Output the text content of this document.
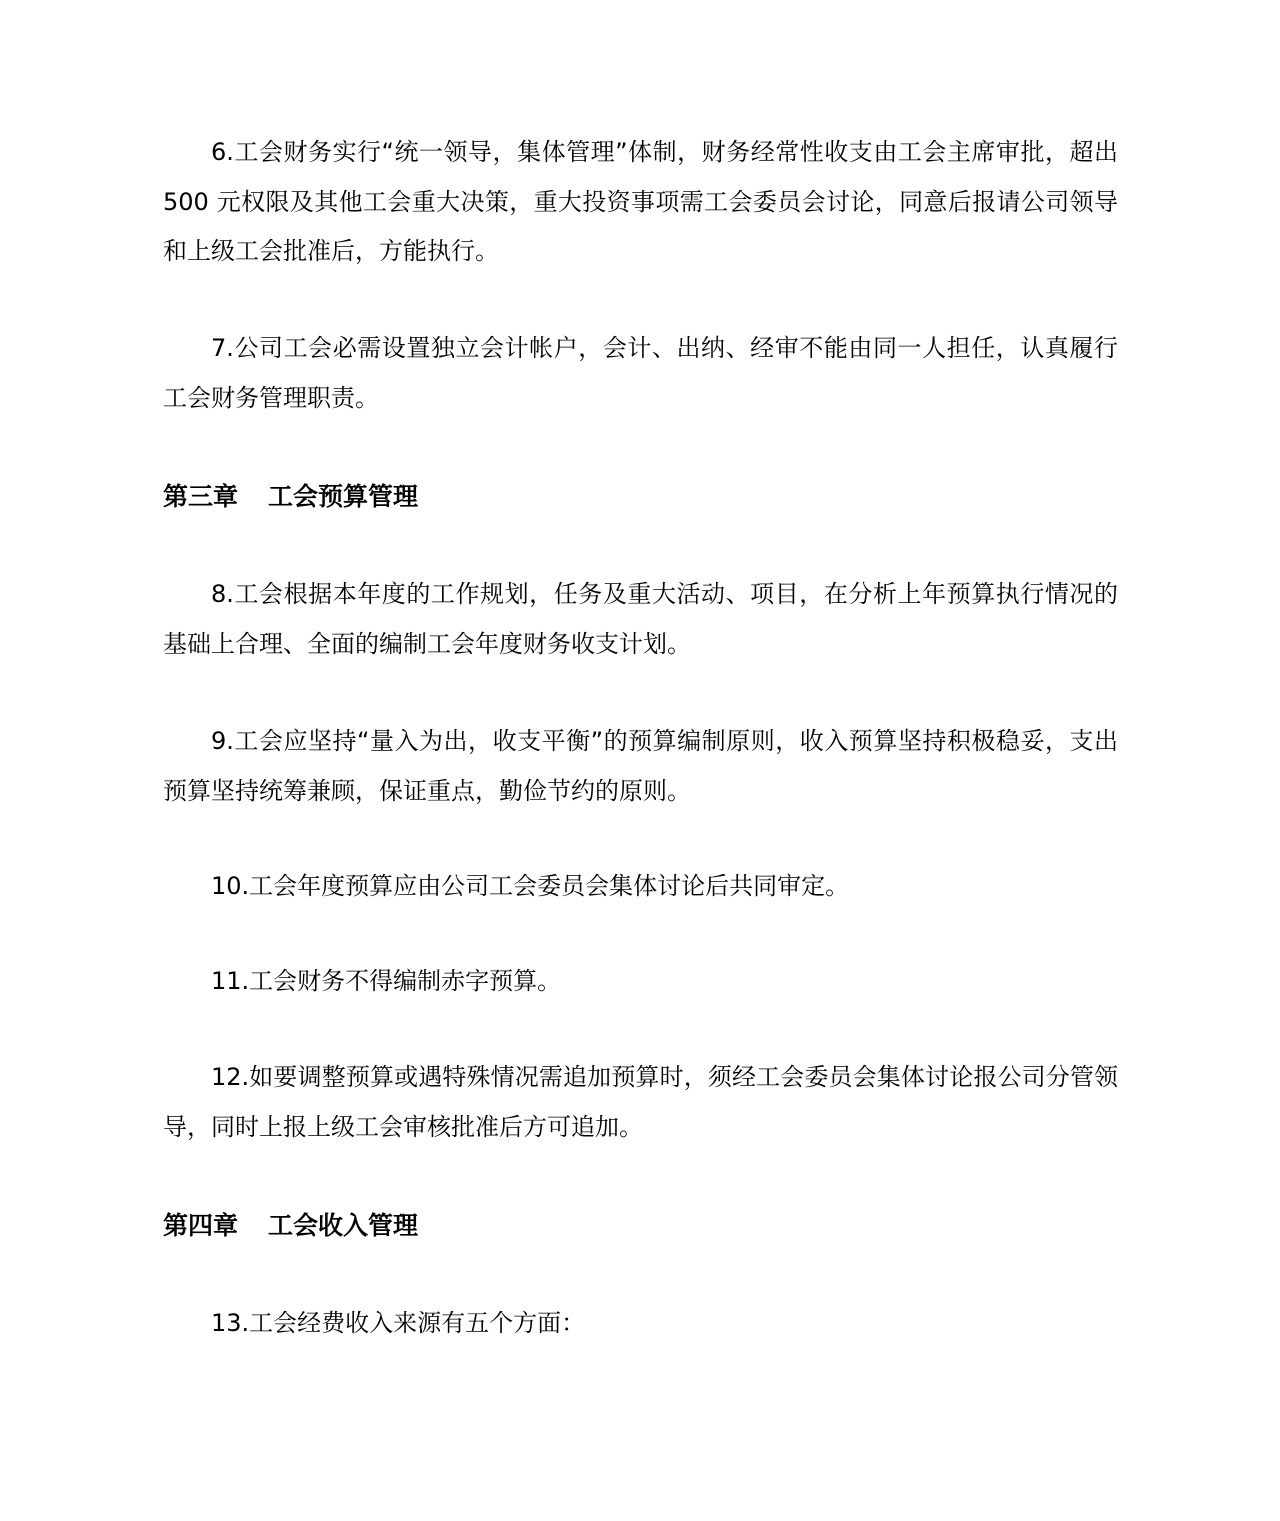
6.工会财务实行“统一领导，集体管理”体制，财务经常性收支由工会主席审批，超出 500 元权限及其他工会重大决策，重大投资事项需工会委员会讨论，同意后报请公司领导和上级工会批准后，方能执行。

7.公司工会必需设置独立会计帐户，会计、出纳、经审不能由同一人担任，认真履行工会财务管理职责。

第三章 工会预算管理

8.工会根据本年度的工作规划，任务及重大活动、项目，在分析上年预算执行情况的基础上合理、全面的编制工会年度财务收支计划。

9.工会应坚持“量入为出，收支平衡”的预算编制原则，收入预算坚持积极稳妥，支出预算坚持统筹兼顾，保证重点，勤俭节约的原则。

10.工会年度预算应由公司工会委员会集体讨论后共同审定。

11.工会财务不得编制赤字预算。

12.如要调整预算或遇特殊情况需追加预算时，须经工会委员会集体讨论报公司分管领导，同时上报上级工会审核批准后方可追加。

第四章 工会收入管理

13.工会经费收入来源有五个方面：
